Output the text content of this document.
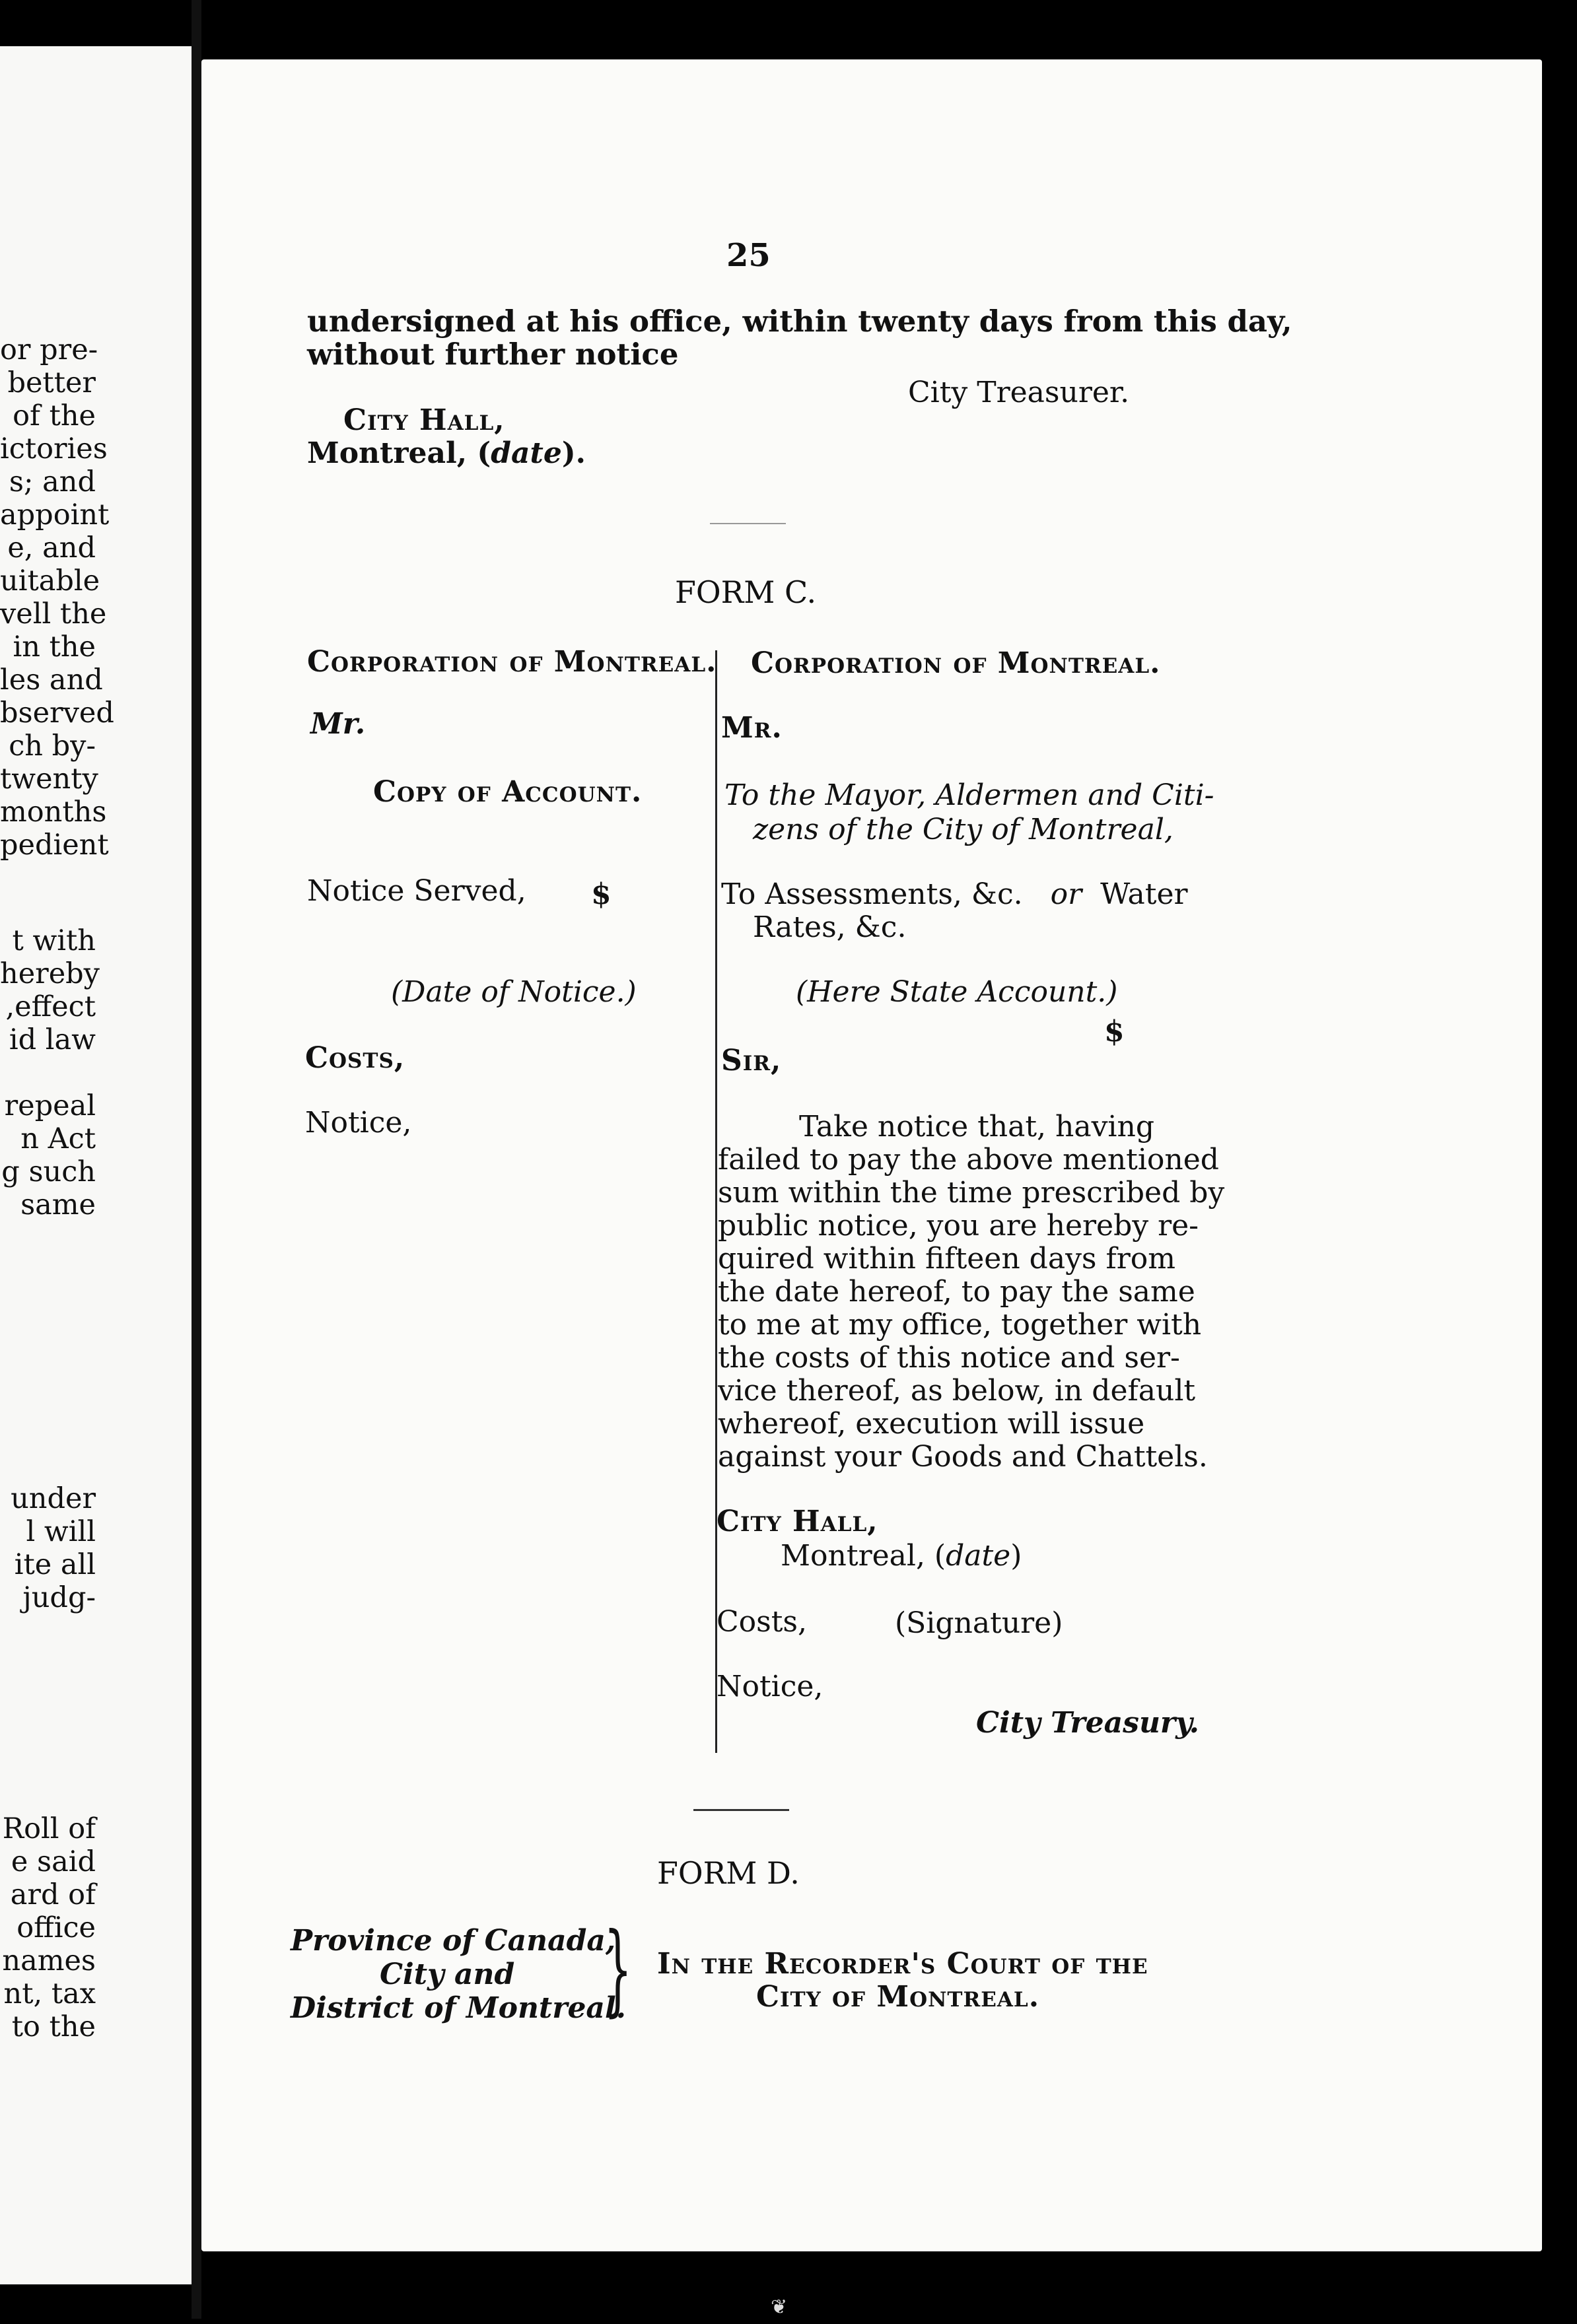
or pre-
better
of the
ictories
s; and
appoint
e, and
uitable
vell the
in the
les and
bserved
ch by-
twenty
months
pedient
t with
hereby
,effect
id law
repeal
n Act
g such
same
under
l will
ite all
judg-
Roll of
e said
ard of
office
names
nt, tax
to the
25
undersigned at his office, within twenty days from this day,
without further notice
City Treasurer.
City Hall,
Montreal, (date).
FORM C.
Corporation of Montreal.
Mr.
Copy of Account.
Notice Served, $
(Date of Notice.)
Costs,
Notice,
Corporation of Montreal.
Mr.
To the Mayor, Aldermen and Citi-
zens of the City of Montreal,
To Assessments, &c. or Water
Rates, &c.
(Here State Account.)
$
Sir,
Take notice that, having
failed to pay the above mentioned
sum within the time prescribed by
public notice, you are hereby re-
quired within fifteen days from
the date hereof, to pay the same
to me at my office, together with
the costs of this notice and ser-
vice thereof, as below, in default
whereof, execution will issue
against your Goods and Chattels.
City Hall,
Montreal, (date)
Costs,	(Signature)
Notice,
City Treasury.
FORM D.
Province of Canada,
City and
District of Montreal.
} In the Recorder's Court of the
City of Montreal.
❦
